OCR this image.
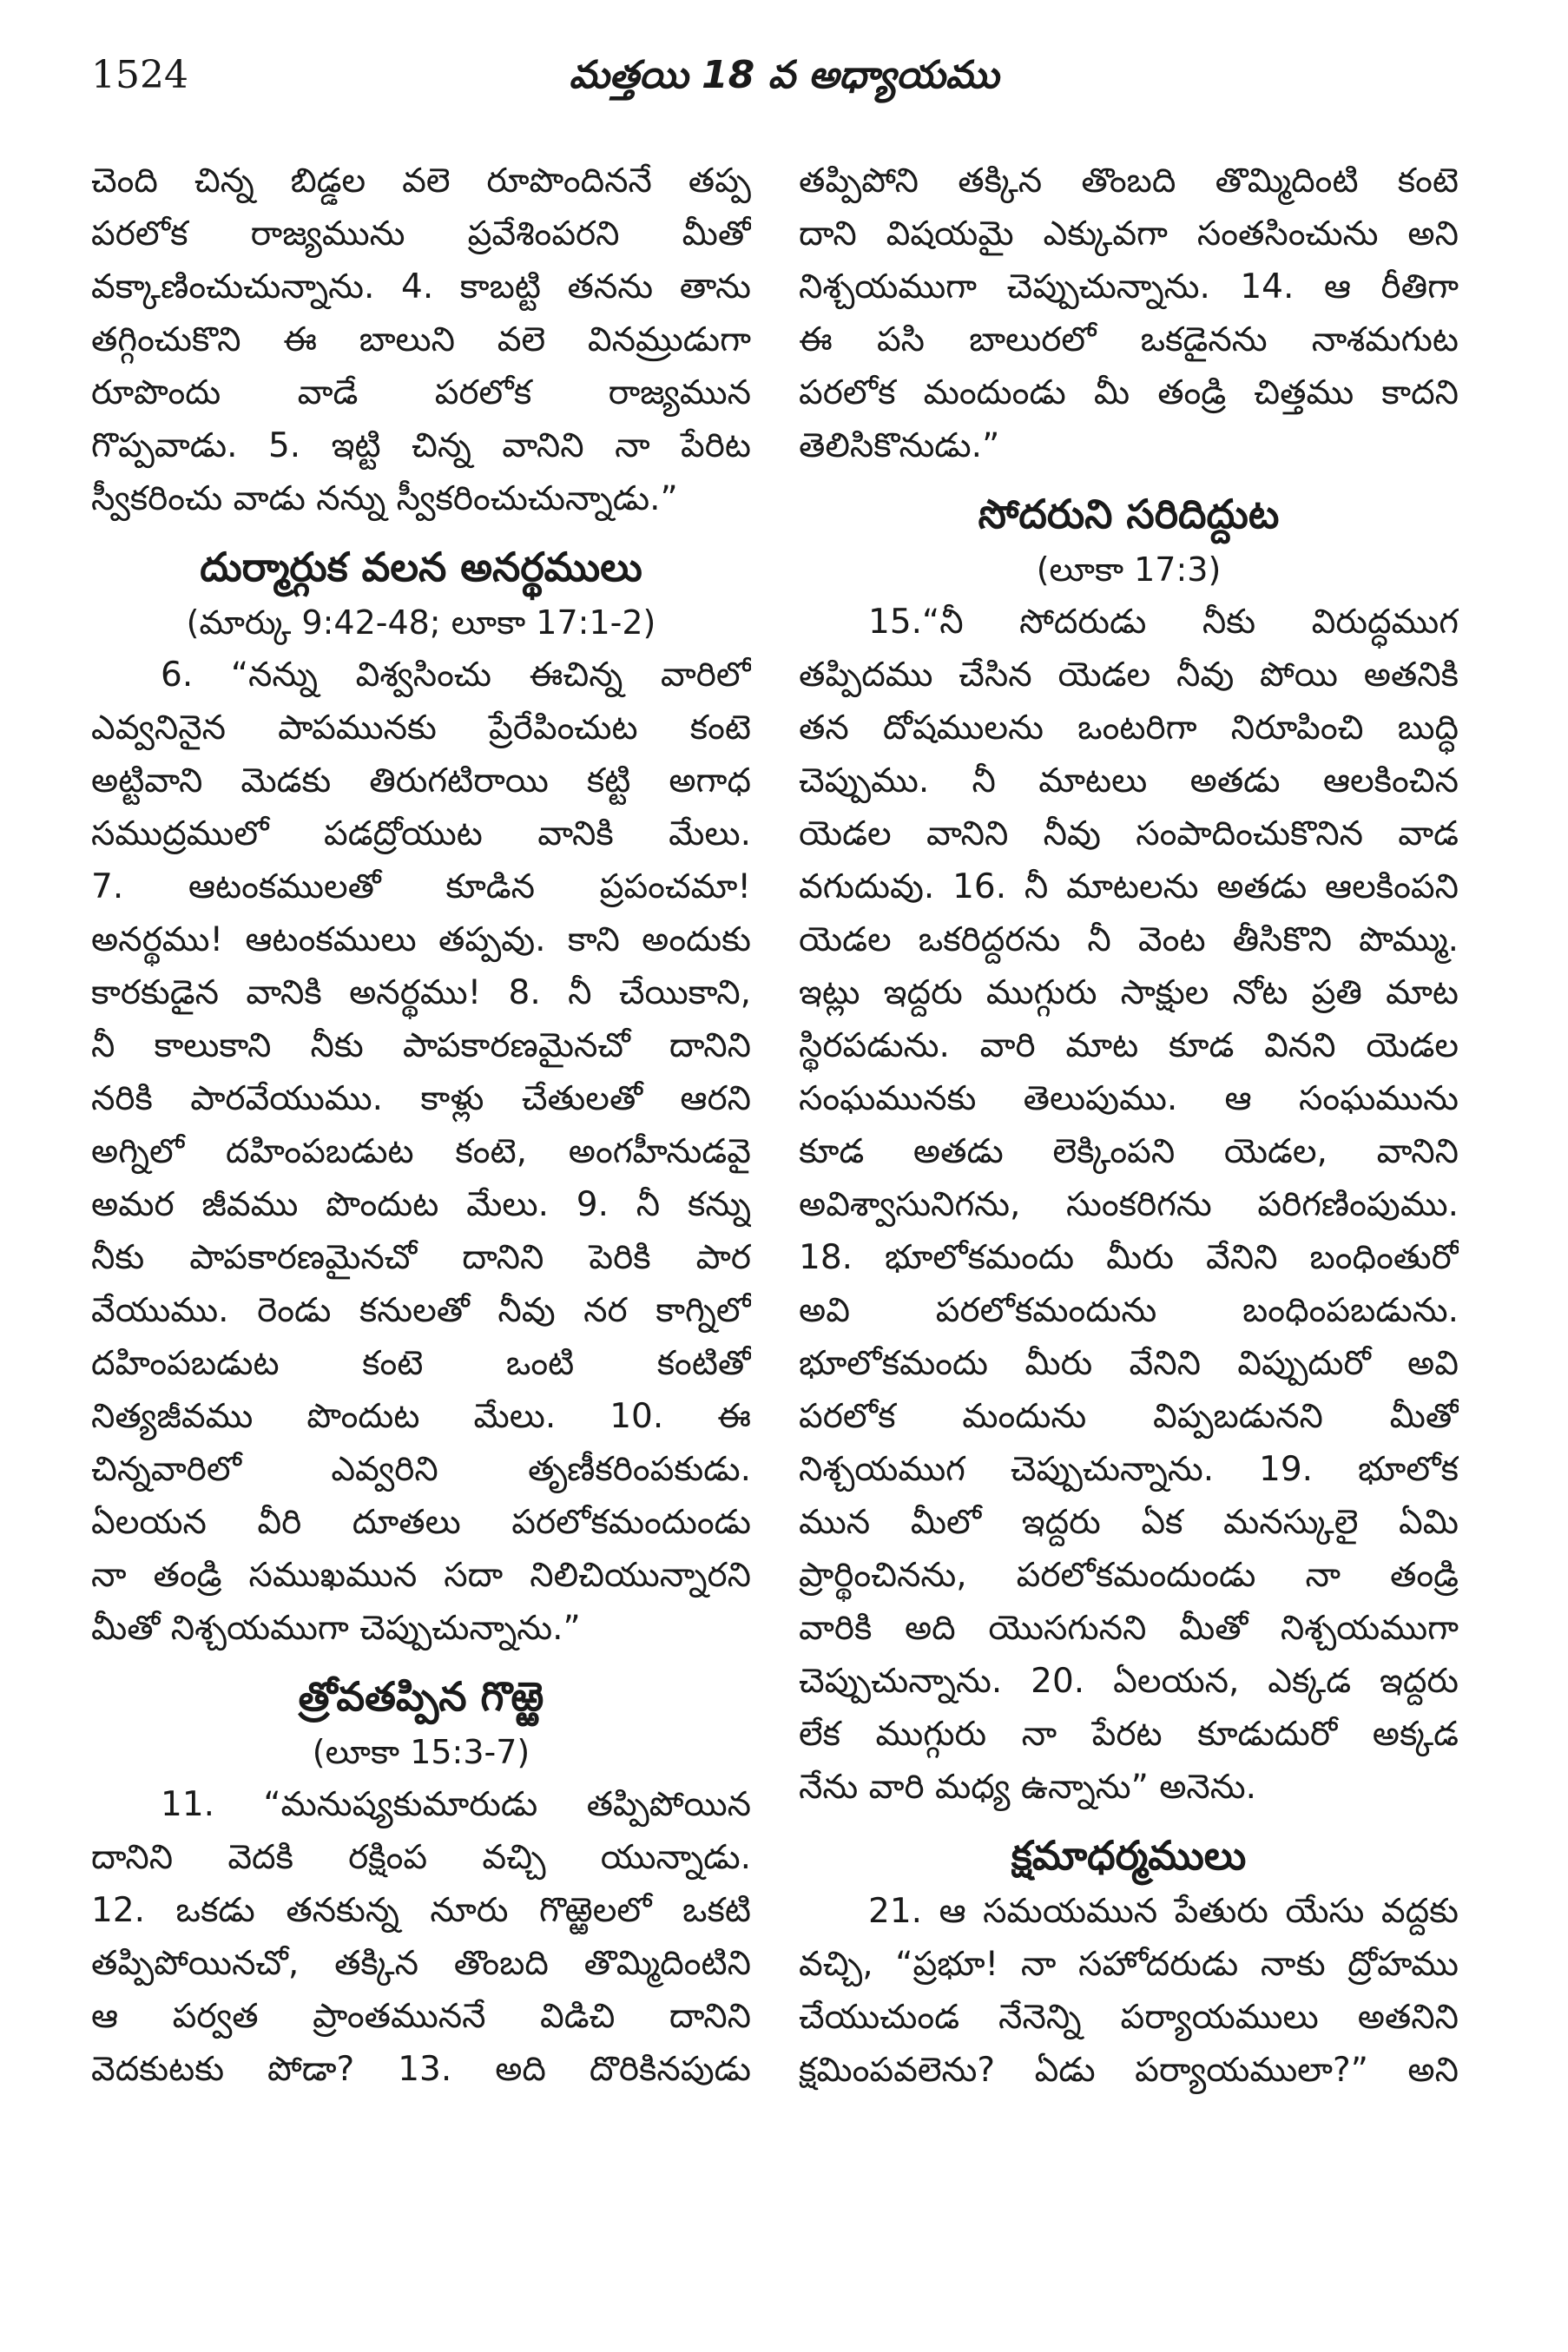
1524	మత్తయి 18 వ అధ్యాయము
చెంది చిన్న బిడ్డల వలె రూపొందిననే తప్ప
పరలోక రాజ్యమును ప్రవేశింపరని మీతో
వక్కాణించుచున్నాను. 4. కాబట్టి తనను తాను
తగ్గించుకొని ఈ బాలుని వలె వినమ్రుడుగా
రూపొందు వాడే పరలోక రాజ్యమున
గొప్పవాడు. 5. ఇట్టి చిన్న వానిని నా పేరిట
స్వీకరించు వాడు నన్ను స్వీకరించుచున్నాడు.”
దుర్మార్గుక వలన అనర్థములు
(మార్కు 9:42-48; లూకా 17:1-2)
6. “నన్ను విశ్వసించు ఈచిన్న వారిలో
ఎవ్వనినైన పాపమునకు ప్రేరేపించుట కంటె
అట్టివాని మెడకు తిరుగటిరాయి కట్టి అగాధ
సముద్రములో పడద్రోయుట వానికి మేలు.
7. ఆటంకములతో కూడిన ప్రపంచమా!
అనర్థము! ఆటంకములు తప్పవు. కాని అందుకు
కారకుడైన వానికి అనర్థము! 8. నీ చేయికాని,
నీ కాలుకాని నీకు పాపకారణమైనచో దానిని
నరికి పారవేయుము. కాళ్లు చేతులతో ఆరని
అగ్నిలో దహింపబడుట కంటె, అంగహీనుడవై
అమర జీవము పొందుట మేలు. 9. నీ కన్ను
నీకు పాపకారణమైనచో దానిని పెరికి పార
వేయుము. రెండు కనులతో నీవు నర కాగ్నిలో
దహింపబడుట కంటె ఒంటి కంటితో
నిత్యజీవము పొందుట మేలు. 10. ఈ
చిన్నవారిలో ఎవ్వరిని తృణీకరింపకుడు.
ఏలయన వీరి దూతలు పరలోకమందుండు
నా తండ్రి సముఖమున సదా నిలిచియున్నారని
మీతో నిశ్చయముగా చెప్పుచున్నాను.”
త్రోవతప్పిన గొఱ్ఱె
(లూకా 15:3-7)
11. “మనుష్యకుమారుడు తప్పిపోయిన
దానిని వెదకి రక్షింప వచ్చి యున్నాడు.
12. ఒకడు తనకున్న నూరు గొఱ్ఱెలలో ఒకటి
తప్పిపోయినచో, తక్కిన తొంబది తొమ్మిదింటిని
ఆ పర్వత ప్రాంతముననే విడిచి దానిని
వెదకుటకు పోడా? 13. అది దొరికినపుడు
తప్పిపోని తక్కిన తొంబది తొమ్మిదింటి కంటె
దాని విషయమై ఎక్కువగా సంతసించును అని
నిశ్చయముగా చెప్పుచున్నాను. 14. ఆ రీతిగా
ఈ పసి బాలురలో ఒకడైనను నాశమగుట
పరలోక మందుండు మీ తండ్రి చిత్తము కాదని
తెలిసికొనుడు.”
సోదరుని సరిదిద్దుట
(లూకా 17:3)
15.“నీ సోదరుడు నీకు విరుద్ధముగ
తప్పిదము చేసిన యెడల నీవు పోయి అతనికి
తన దోషములను ఒంటరిగా నిరూపించి బుద్ధి
చెప్పుము. నీ మాటలు అతడు ఆలకించిన
యెడల వానిని నీవు సంపాదించుకొనిన వాడ
వగుదువు. 16. నీ మాటలను అతడు ఆలకింపని
యెడల ఒకరిద్దరను నీ వెంట తీసికొని పొమ్ము.
ఇట్లు ఇద్దరు ముగ్గురు సాక్షుల నోట ప్రతి మాట
స్థిరపడును. వారి మాట కూడ వినని యెడల
సంఘమునకు తెలుపుము. ఆ సంఘమును
కూడ అతడు లెక్కింపని యెడల, వానిని
అవిశ్వాసునిగను, సుంకరిగను పరిగణింపుము.
18. భూలోకమందు మీరు వేనిని బంధింతురో
అవి పరలోకమందును బంధింపబడును.
భూలోకమందు మీరు వేనిని విప్పుదురో అవి
పరలోక మందును విప్పబడునని మీతో
నిశ్చయముగ చెప్పుచున్నాను. 19. భూలోక
మున మీలో ఇద్దరు ఏక మనస్కులై ఏమి
ప్రార్థించినను, పరలోకమందుండు నా తండ్రి
వారికి అది యొసగునని మీతో నిశ్చయముగా
చెప్పుచున్నాను. 20. ఏలయన, ఎక్కడ ఇద్దరు
లేక ముగ్గురు నా పేరట కూడుదురో అక్కడ
నేను వారి మధ్య ఉన్నాను” అనెను.
క్షమాధర్మములు
21. ఆ సమయమున పేతురు యేసు వద్దకు
వచ్చి, “ప్రభూ! నా సహోదరుడు నాకు ద్రోహము
చేయుచుండ నేనెన్ని పర్యాయములు అతనిని
క్షమింపవలెను? ఏడు పర్యాయములా?” అని
